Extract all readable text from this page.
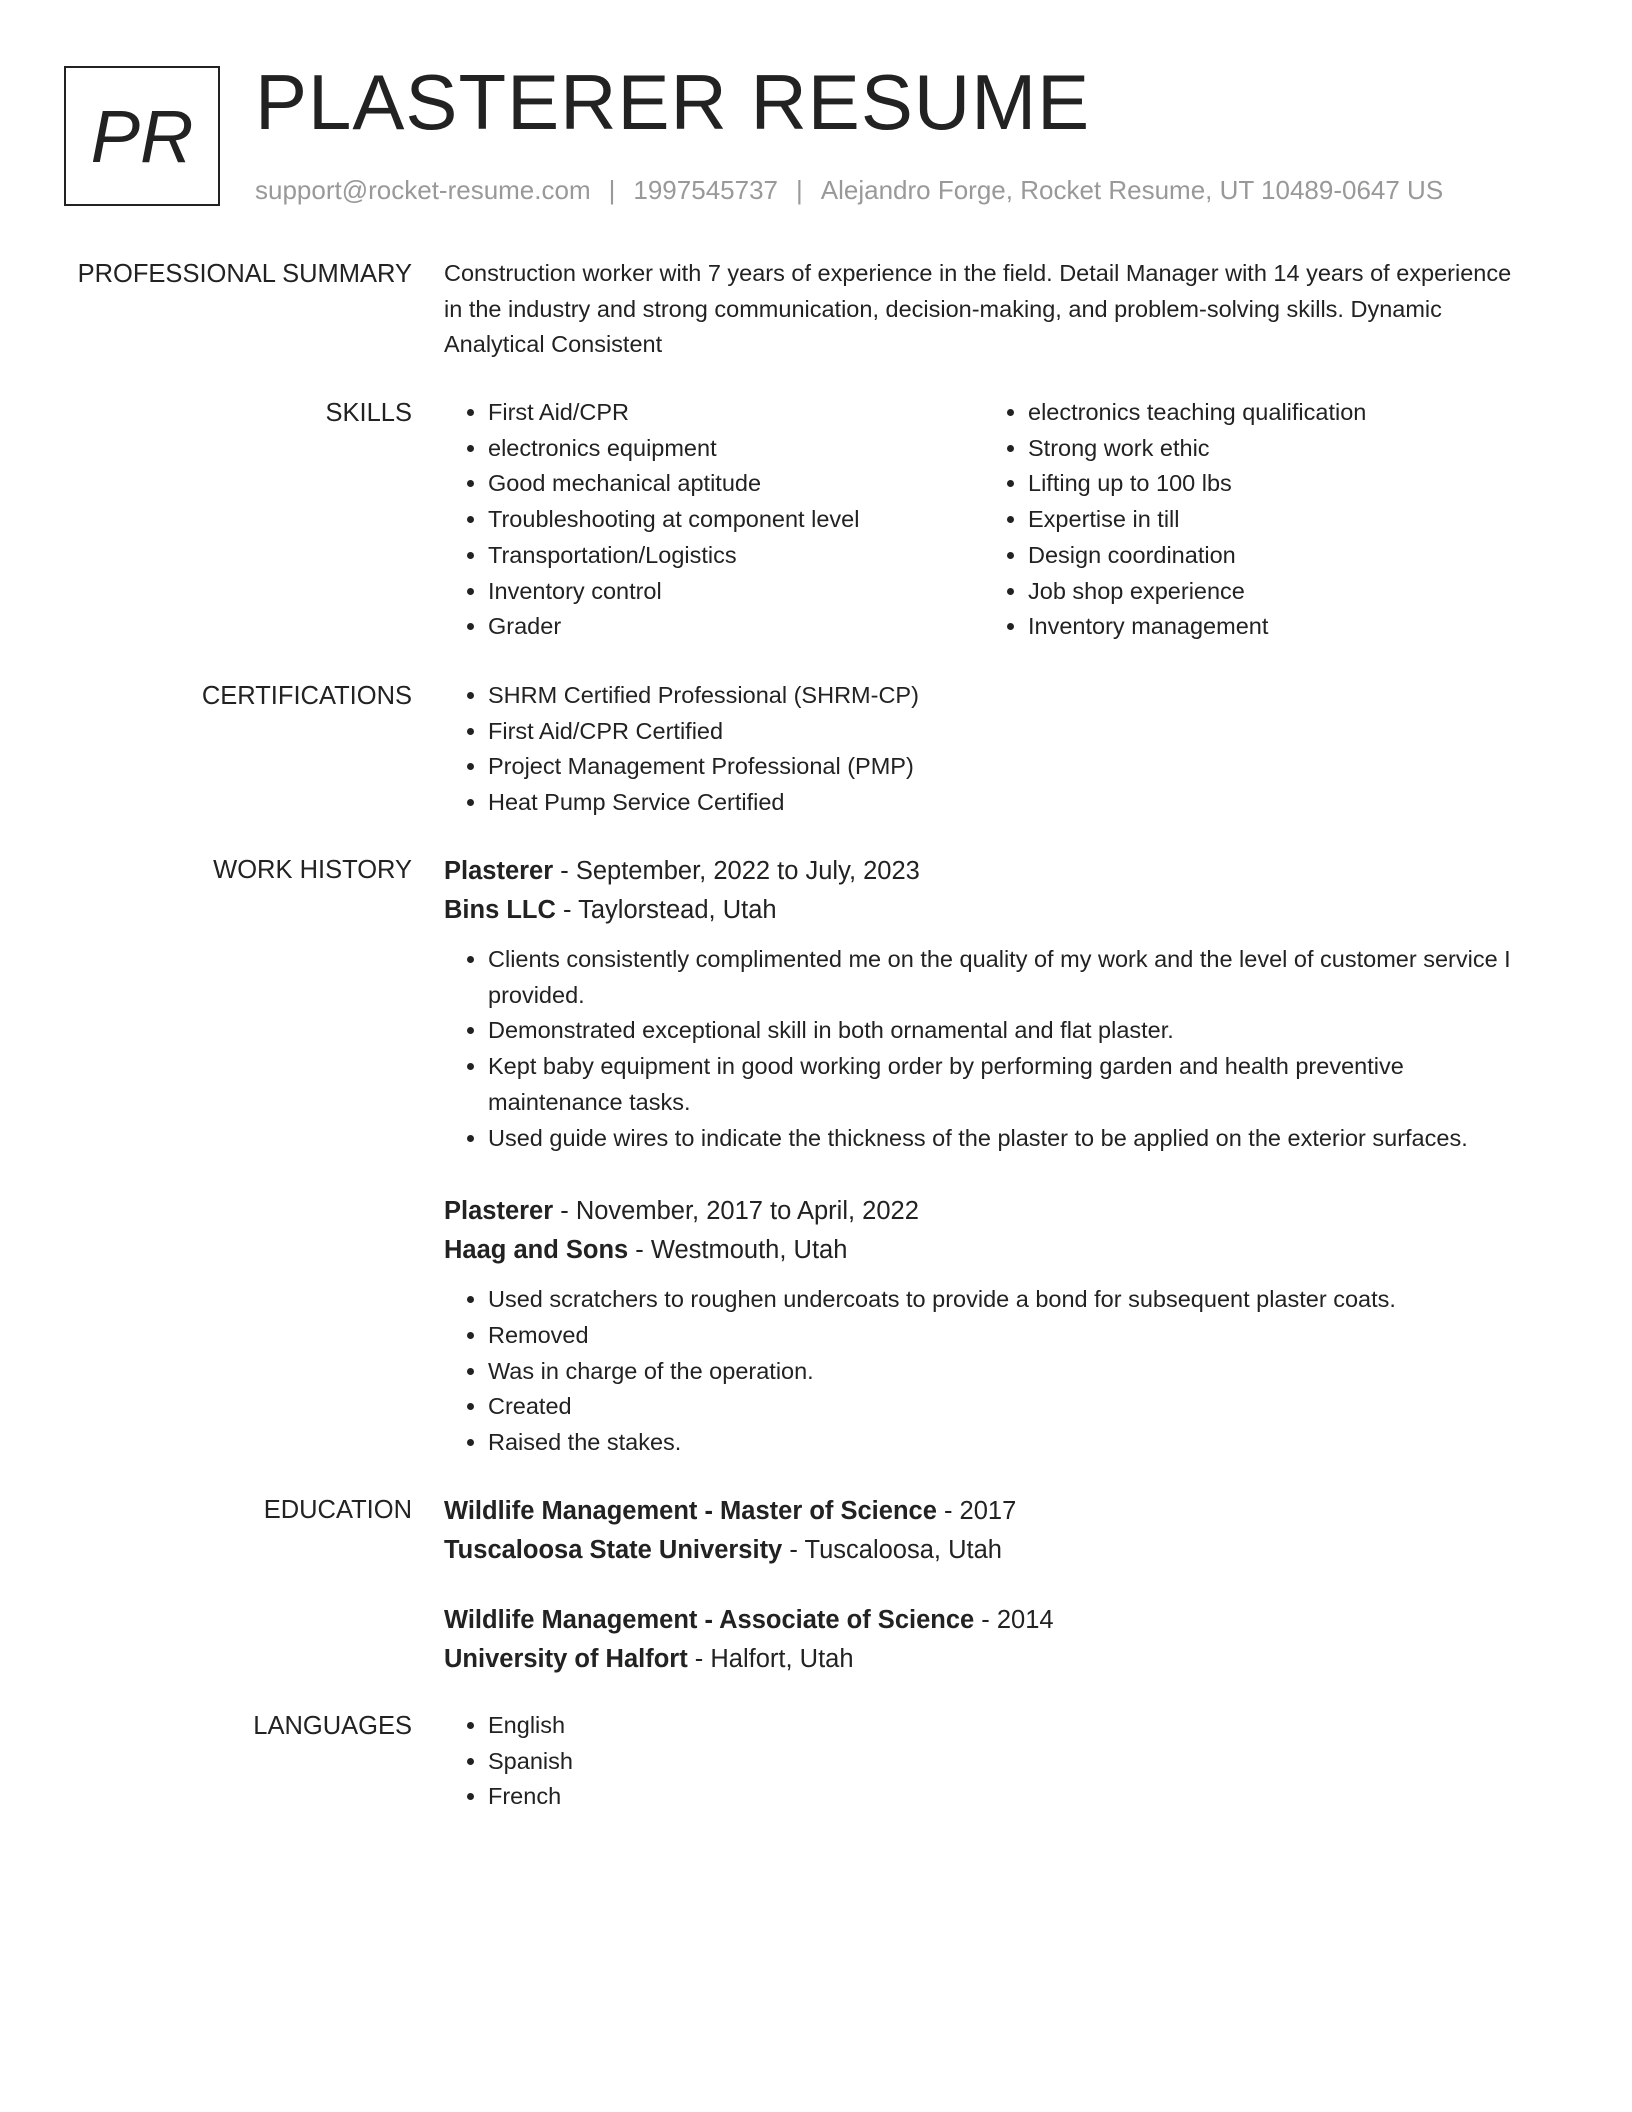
PR PLASTERER RESUME
support@rocket-resume.com | 1997545737 | Alejandro Forge, Rocket Resume, UT 10489-0647 US
PROFESSIONAL SUMMARY Construction worker with 7 years of experience in the field. Detail Manager with 14 years of experience in the industry and strong communication, decision-making, and problem-solving skills. Dynamic Analytical Consistent
SKILLS	• First Aid/CPR
• electronics equipment
• Good mechanical aptitude
• Troubleshooting at component level
• Transportation/Logistics
• Inventory control
• Grader
• electronics teaching qualification
• Strong work ethic
• Lifting up to 100 lbs
• Expertise in till
• Design coordination
• Job shop experience
• Inventory management
CERTIFICATIONS	• SHRM Certified Professional (SHRM-CP)
• First Aid/CPR Certified
• Project Management Professional (PMP)
• Heat Pump Service Certified
WORK HISTORY Plasterer - September, 2022 to July, 2023
Bins LLC - Taylorstead, Utah
• Clients consistently complimented me on the quality of my work and the level of customer service I provided.
• Demonstrated exceptional skill in both ornamental and flat plaster.
• Kept baby equipment in good working order by performing garden and health preventive maintenance tasks.
• Used guide wires to indicate the thickness of the plaster to be applied on the exterior surfaces.
Plasterer - November, 2017 to April, 2022
Haag and Sons - Westmouth, Utah
• Used scratchers to roughen undercoats to provide a bond for subsequent plaster coats.
• Removed
• Was in charge of the operation.
• Created
• Raised the stakes.
EDUCATION Wildlife Management - Master of Science - 2017
Tuscaloosa State University - Tuscaloosa, Utah
Wildlife Management - Associate of Science - 2014
University of Halfort - Halfort, Utah
LANGUAGES	• English
• Spanish
• French
